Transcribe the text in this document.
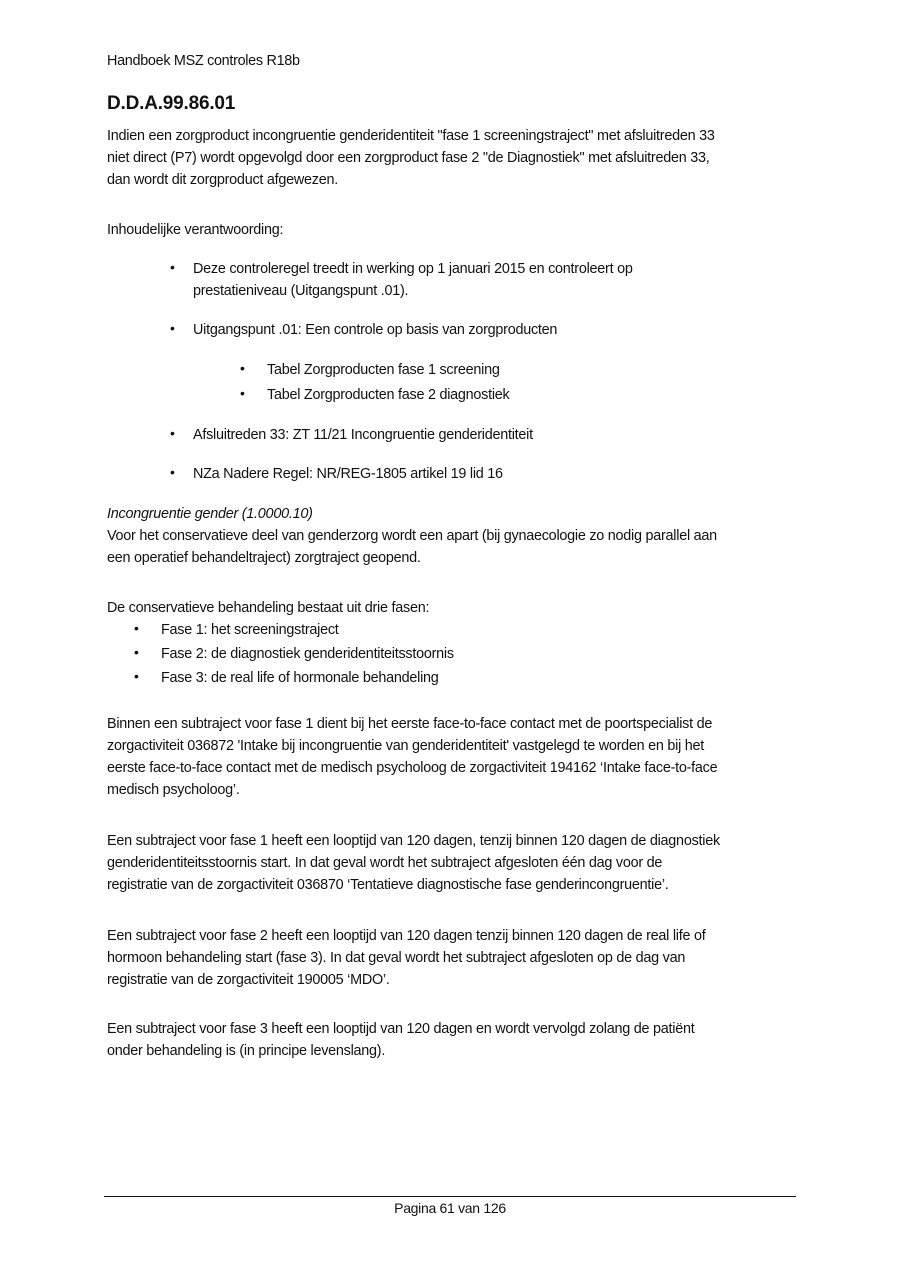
Handboek MSZ controles R18b
D.D.A.99.86.01
Indien een zorgproduct incongruentie genderidentiteit "fase 1 screeningstraject" met afsluitreden 33
niet direct (P7) wordt opgevolgd door een zorgproduct fase 2 "de Diagnostiek" met afsluitreden 33,
dan wordt dit zorgproduct afgewezen.
Inhoudelijke verantwoording:
• Deze controleregel treedt in werking op 1 januari 2015 en controleert op
prestatieniveau (Uitgangspunt .01).
• Uitgangspunt .01: Een controle op basis van zorgproducten
• Tabel Zorgproducten fase 1 screening
• Tabel Zorgproducten fase 2 diagnostiek
• Afsluitreden 33: ZT 11/21 Incongruentie genderidentiteit
• NZa Nadere Regel: NR/REG-1805 artikel 19 lid 16
Incongruentie gender (1.0000.10)
Voor het conservatieve deel van genderzorg wordt een apart (bij gynaecologie zo nodig parallel aan
een operatief behandeltraject) zorgtraject geopend.
De conservatieve behandeling bestaat uit drie fasen:
• Fase 1: het screeningstraject
• Fase 2: de diagnostiek genderidentiteitsstoornis
• Fase 3: de real life of hormonale behandeling
Binnen een subtraject voor fase 1 dient bij het eerste face-to-face contact met de poortspecialist de
zorgactiviteit 036872 'Intake bij incongruentie van genderidentiteit' vastgelegd te worden en bij het
eerste face-to-face contact met de medisch psycholoog de zorgactiviteit 194162 ‘Intake face-to-face
medisch psycholoog’.
Een subtraject voor fase 1 heeft een looptijd van 120 dagen, tenzij binnen 120 dagen de diagnostiek
genderidentiteitsstoornis start. In dat geval wordt het subtraject afgesloten één dag voor de
registratie van de zorgactiviteit 036870 ‘Tentatieve diagnostische fase genderincongruentie’.
Een subtraject voor fase 2 heeft een looptijd van 120 dagen tenzij binnen 120 dagen de real life of
hormoon behandeling start (fase 3). In dat geval wordt het subtraject afgesloten op de dag van
registratie van de zorgactiviteit 190005 ‘MDO’.
Een subtraject voor fase 3 heeft een looptijd van 120 dagen en wordt vervolgd zolang de patiënt
onder behandeling is (in principe levenslang).
Pagina 61 van 126
